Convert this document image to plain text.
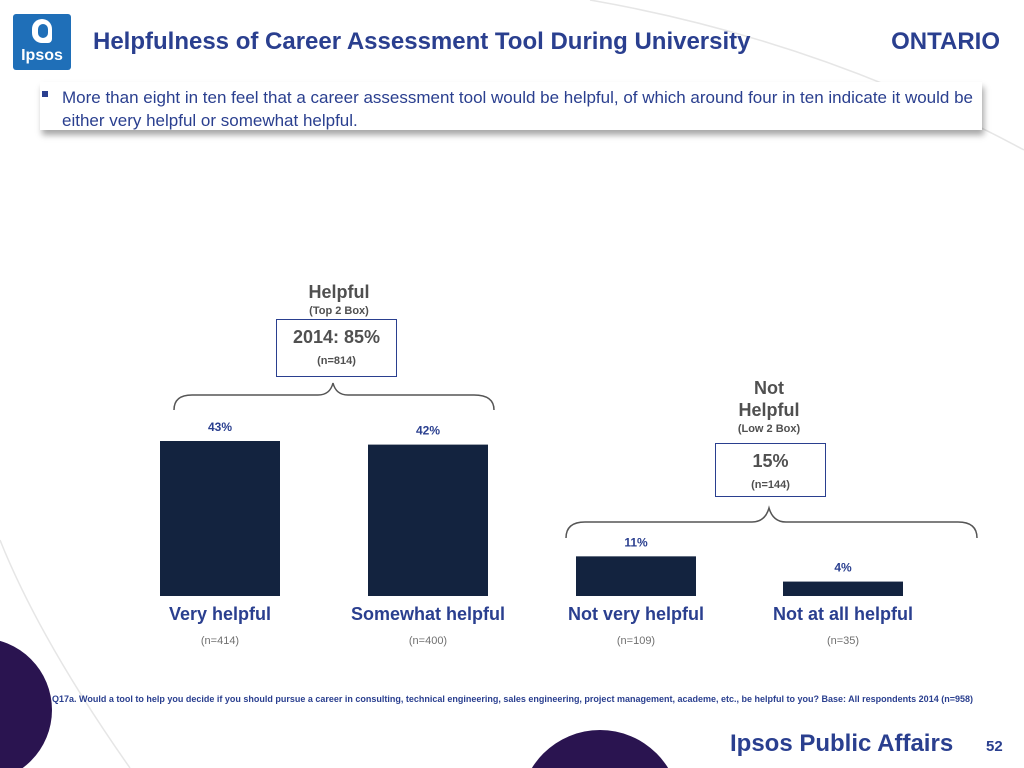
Ipsos
Helpfulness of Career Assessment Tool During University	ONTARIO
More than eight in ten feel that a career assessment tool would be helpful, of which around four in ten indicate it would be either very helpful or somewhat helpful.
43%
Very helpful
(n=414)
42%
Somewhat helpful
(n=400)
11%
Not very helpful
(n=109)
4%
Not at all helpful
(n=35)
Helpful
(Top 2 Box)
2014: 85%
(n=814)
Not
Helpful
(Low 2 Box)
15%
(n=144)
Q17a. Would a tool to help you decide if you should pursue a career in consulting, technical engineering, sales engineering, project management, academe, etc., be helpful to you? Base: All respondents 2014 (n=958)
Ipsos Public Affairs 52
